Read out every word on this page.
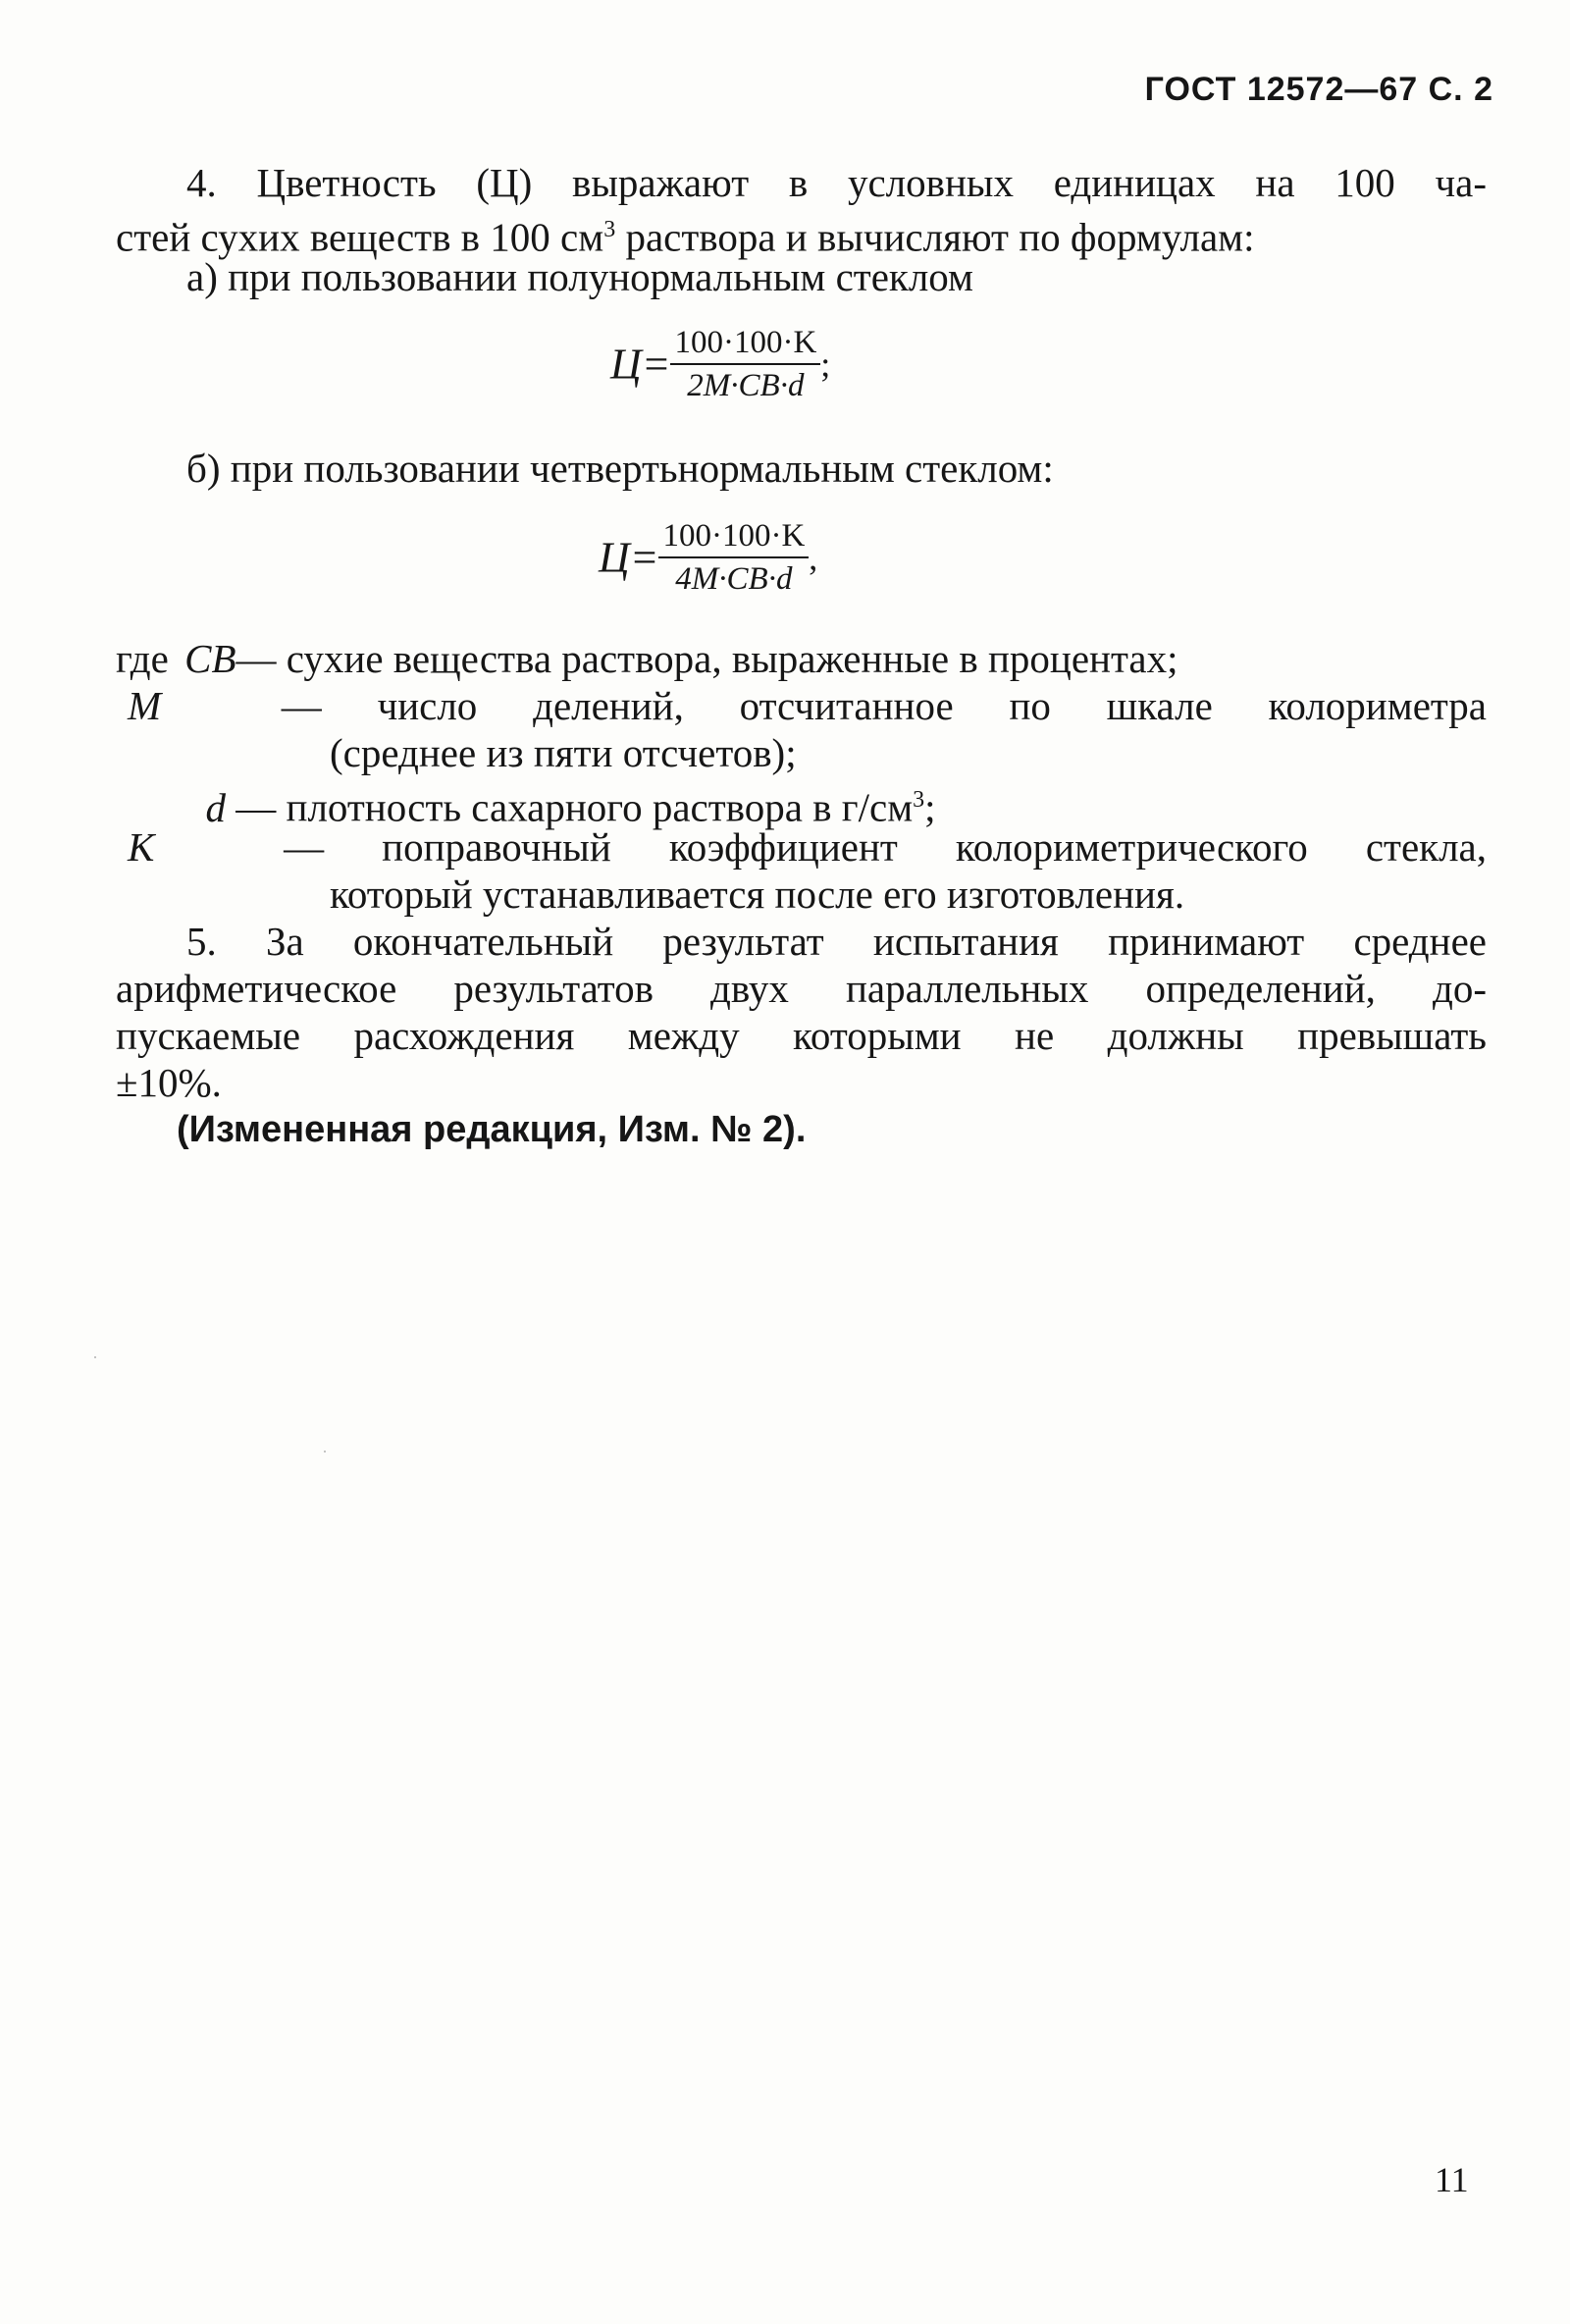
ГОСТ 12572—67 С. 2
4. Цветность (Ц) выражают в условных единицах на 100 ча-
стей сухих веществ в 100 $см^3$ раствора и вычисляют по формулам:
а) при пользовании полунормальным стеклом
$Ц= \frac{100\cdot 100\cdot K}{2M\cdot CB\cdot d}$ ;
б) при пользовании четвертьнормальным стеклом:
$Ц= \frac{100\cdot 100\cdot K}{4M\cdot CB\cdot d}$ ,
где CB— сухие вещества раствора, выраженные в процентах;
M	— число делений, отсчитанное по шкале колориметра
(среднее из пяти отсчетов);
d — плотность сахарного раствора в $г/см^3$;
K	— поправочный коэффициент колориметрического стекла,
который устанавливается после его изготовления.
5. За окончательный результат испытания принимают среднее
арифметическое результатов двух параллельных определений, до-
пускаемые расхождения между которыми не должны превышать
±10%.
(Измененная редакция, Изм. № 2).
11
